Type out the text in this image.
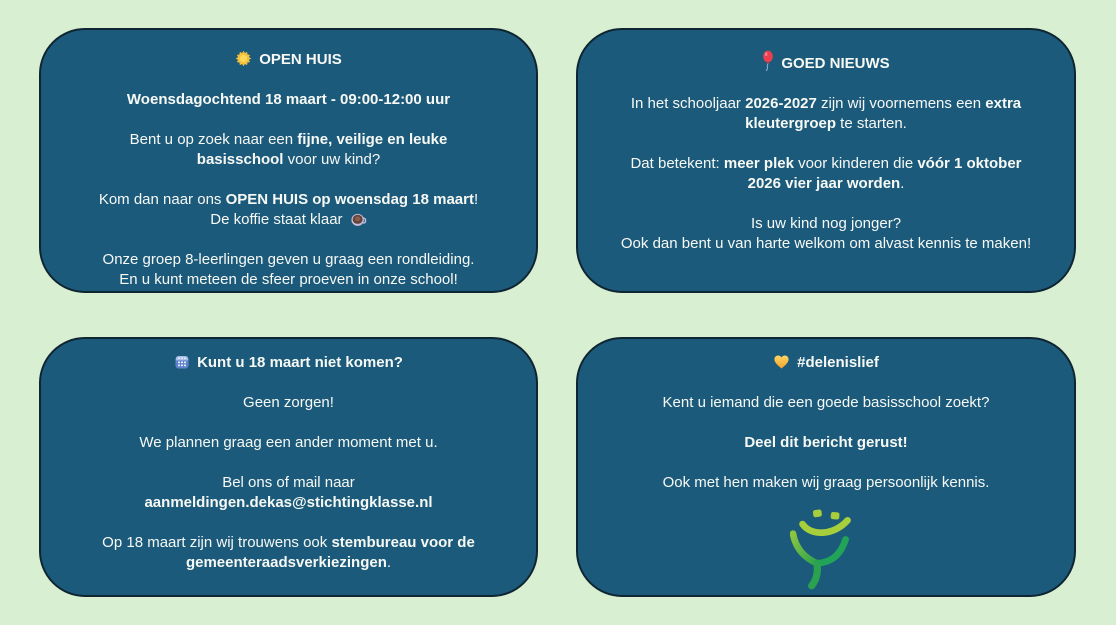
OPEN HUIS

Woensdagochtend 18 maart - 09:00-12:00 uur

Bent u op zoek naar een fijne, veilige en leuke
basisschool voor uw kind?

Kom dan naar ons OPEN HUIS op woensdag 18 maart!
De koffie staat klaar

Onze groep 8-leerlingen geven u graag een rondleiding.
En u kunt meteen de sfeer proeven in onze school!

GOED NIEUWS

In het schooljaar 2026-2027 zijn wij voornemens een extra
kleutergroep te starten.

Dat betekent: meer plek voor kinderen die vóór 1 oktober
2026 vier jaar worden.

Is uw kind nog jonger?
Ook dan bent u van harte welkom om alvast kennis te maken!

Kunt u 18 maart niet komen?

Geen zorgen!

We plannen graag een ander moment met u.

Bel ons of mail naar
aanmeldingen.dekas@stichtingklasse.nl

Op 18 maart zijn wij trouwens ook stembureau voor de
gemeenteraadsverkiezingen.

#delenislief

Kent u iemand die een goede basisschool zoekt?

Deel dit bericht gerust!

Ook met hen maken wij graag persoonlijk kennis.
